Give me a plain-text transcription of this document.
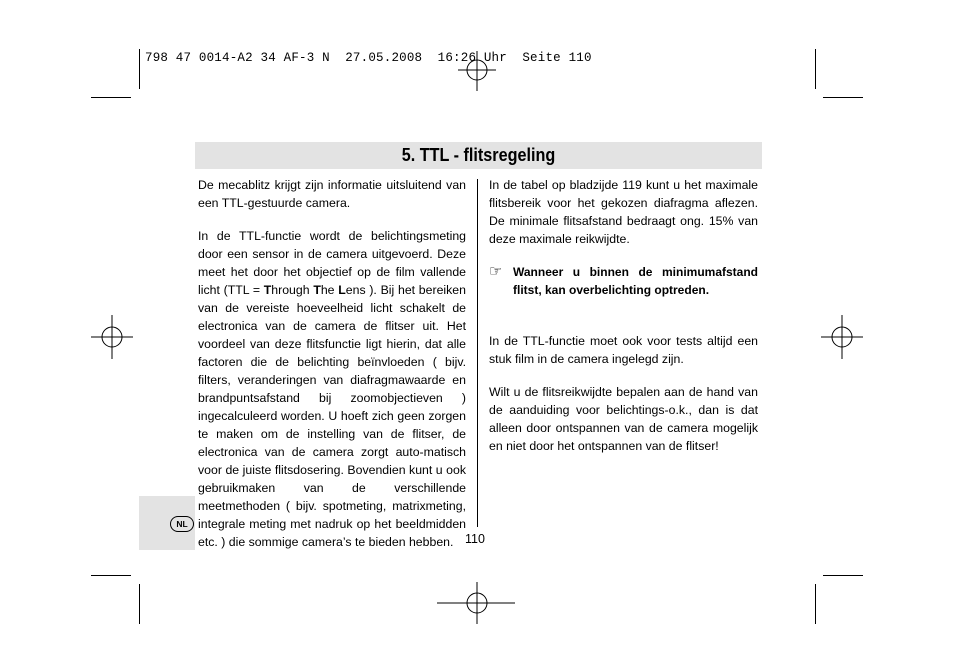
798 47 0014-A2 34 AF-3 N  27.05.2008  16:26 Uhr  Seite 110
5. TTL - flitsregeling
NL

De mecablitz krijgt zijn informatie uitsluitend van een TTL-gestuurde camera.

In de TTL-functie wordt de belichtingsmeting door een sensor in de camera uitgevoerd. Deze meet het door het objectief op de film vallende licht (TTL = Through The Lens ). Bij het bereiken van de vereiste hoeveelheid licht schakelt de electronica van de camera de flitser uit. Het voordeel van deze flitsfunctie ligt hierin, dat alle factoren die de belichting beïnvloeden ( bijv. filters, veranderingen van diafragmawaarde en brandpuntsafstand bij zoomobjectieven ) ingecalculeerd worden. U hoeft zich geen zorgen te maken om de instelling van de flitser, de electronica van de camera zorgt auto-matisch voor de juiste flitsdosering. Bovendien kunt u ook gebruikmaken van de verschillende meetmethoden ( bijv. spotmeting, matrixmeting, integrale meting met nadruk op het beeldmidden etc. ) die sommige camera’s te bieden hebben.

In de tabel op bladzijde 119 kunt u het maximale flitsbereik voor het gekozen diafragma aflezen. De minimale flitsafstand bedraagt ong. 15% van deze maximale reikwijdte.

☞ Wanneer u binnen de minimumafstand flitst, kan overbelichting optreden.

In de TTL-functie moet ook voor tests altijd een stuk film in de camera ingelegd zijn.

Wilt u de flitsreikwijdte bepalen aan de hand van de aanduiding voor belichtings-o.k., dan is dat alleen door ontspannen van de camera mogelijk en niet door het ontspannen van de flitser!

110
